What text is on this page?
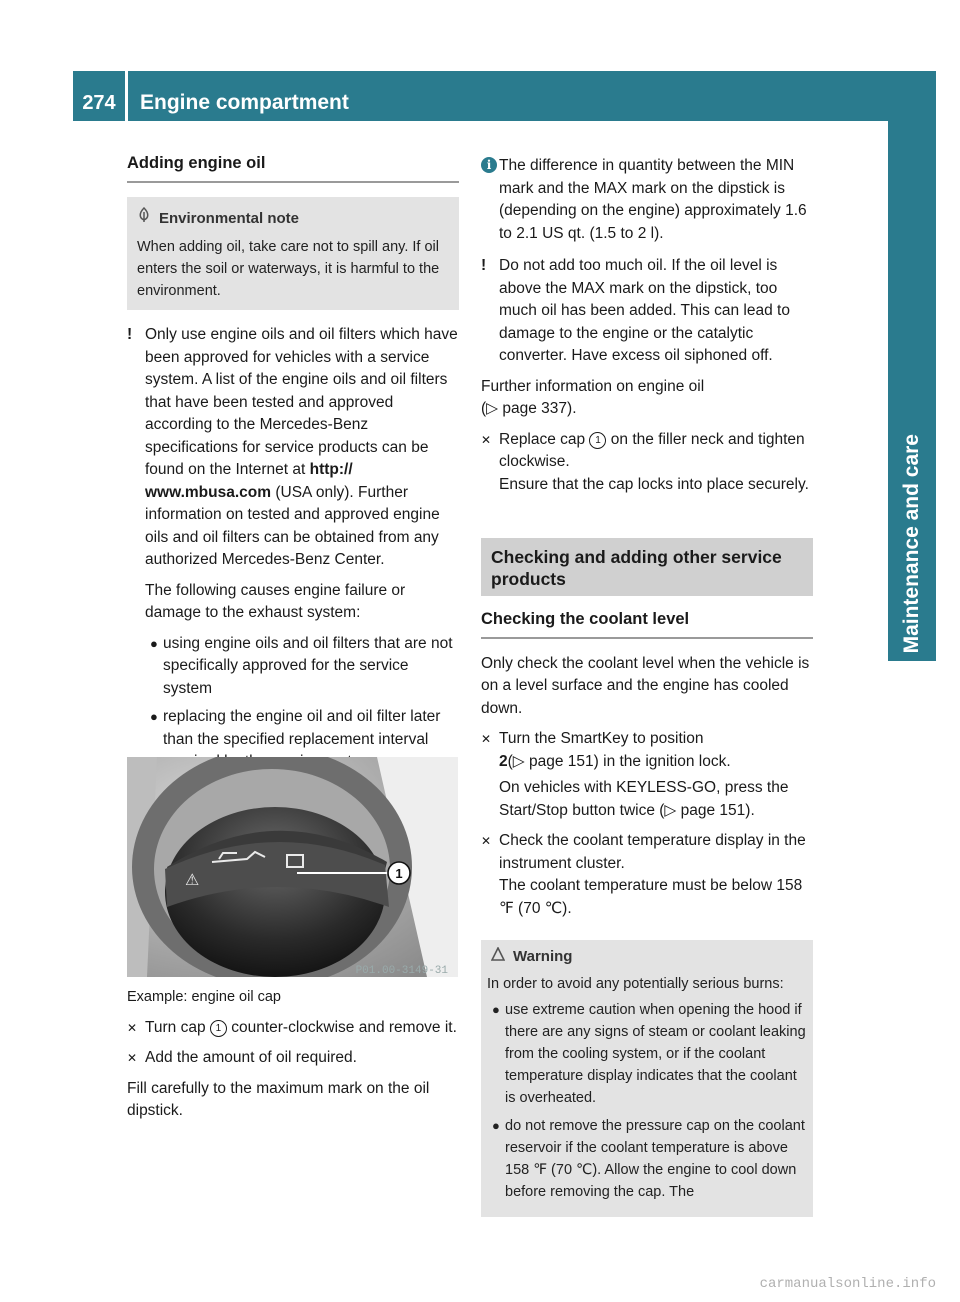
274	Engine compartment
Maintenance and care
Adding engine oil
Environmental note
When adding oil, take care not to spill any. If oil enters the soil or waterways, it is harmful to the environment.

! Only use engine oils and oil filters which have been approved for vehicles with a service system. A list of the engine oils and oil filters that have been tested and approved according to the Mercedes-Benz specifications for service products can be found on the Internet at http://
www.mbusa.com (USA only). Further information on tested and approved engine oils and oil filters can be obtained from any authorized Mercedes-Benz Center.

The following causes engine failure or damage to the exhaust system:

● using engine oils and oil filters that are not specifically approved for the service system
● replacing the engine oil and oil filter later than the specified replacement interval
⚠	1
P01.00-3149-31

Example: engine oil cap

✕ Turn cap 1 counter-clockwise and remove it.
✕ Add the amount of oil required.

Fill carefully to the maximum mark on the oil dipstick.

i The difference in quantity between the MIN mark and the MAX mark on the dipstick is (depending on the engine) approximately 1.6 to 2.1 US qt. (1.5 to 2 l).

! Do not add too much oil. If the oil level is above the MAX mark on the dipstick, too much oil has been added. This can lead to damage to the engine or the catalytic converter. Have excess oil siphoned off.

Further information on engine oil
(▷ page 337).

✕ Replace cap 1 on the filler neck and tighten clockwise.
Ensure that the cap locks into place securely.
Checking and adding other service products
Checking the coolant level

Only check the coolant level when the vehicle is on a level surface and the engine has cooled down.

✕ Turn the SmartKey to position
2(▷ page 151) in the ignition lock.
On vehicles with KEYLESS-GO, press the Start/Stop button twice (▷ page 151).
✕ Check the coolant temperature display in the instrument cluster.
The coolant temperature must be below 158 ℉ (70 ℃).
Warning
In order to avoid any potentially serious burns:
● use extreme caution when opening the hood if there are any signs of steam or coolant leaking from the cooling system, or if the coolant temperature display indicates that the coolant is overheated.
● do not remove the pressure cap on the coolant reservoir if the coolant temperature is above 158 ℉ (70 ℃). Allow the engine to cool down before removing the cap. The
carmanualsonline.info
